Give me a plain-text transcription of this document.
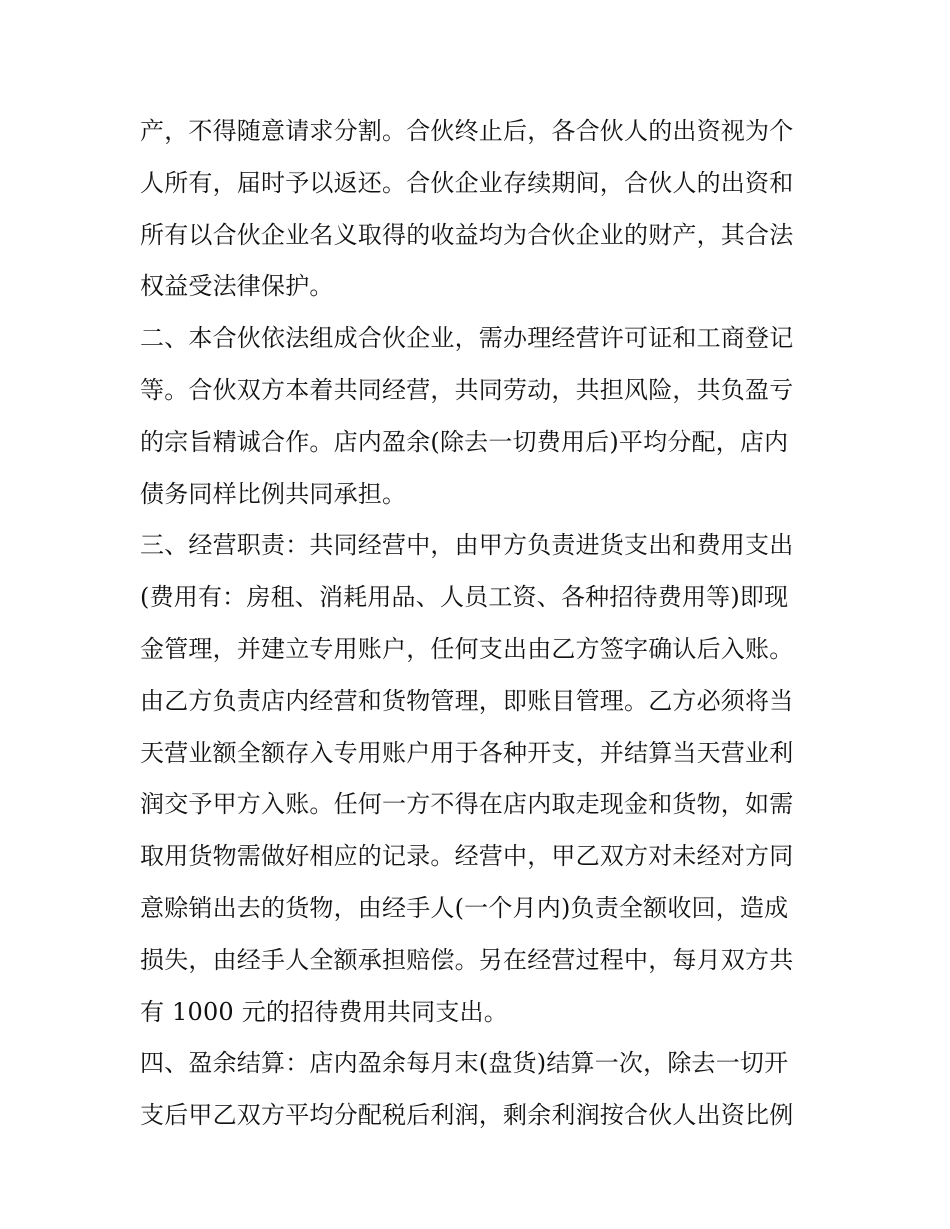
产，不得随意请求分割。合伙终止后，各合伙人的出资视为个
人所有，届时予以返还。合伙企业存续期间，合伙人的出资和
所有以合伙企业名义取得的收益均为合伙企业的财产，其合法
权益受法律保护。
二、本合伙依法组成合伙企业，需办理经营许可证和工商登记
等。合伙双方本着共同经营，共同劳动，共担风险，共负盈亏
的宗旨精诚合作。店内盈余(除去一切费用后)平均分配，店内
债务同样比例共同承担。
三、经营职责：共同经营中，由甲方负责进货支出和费用支出
(费用有：房租、消耗用品、人员工资、各种招待费用等)即现
金管理，并建立专用账户，任何支出由乙方签字确认后入账。
由乙方负责店内经营和货物管理，即账目管理。乙方必须将当
天营业额全额存入专用账户用于各种开支，并结算当天营业利
润交予甲方入账。任何一方不得在店内取走现金和货物，如需
取用货物需做好相应的记录。经营中，甲乙双方对未经对方同
意赊销出去的货物，由经手人(一个月内)负责全额收回，造成
损失，由经手人全额承担赔偿。另在经营过程中，每月双方共
有 1000 元的招待费用共同支出。
四、盈余结算：店内盈余每月末(盘货)结算一次，除去一切开
支后甲乙双方平均分配税后利润，剩余利润按合伙人出资比例
